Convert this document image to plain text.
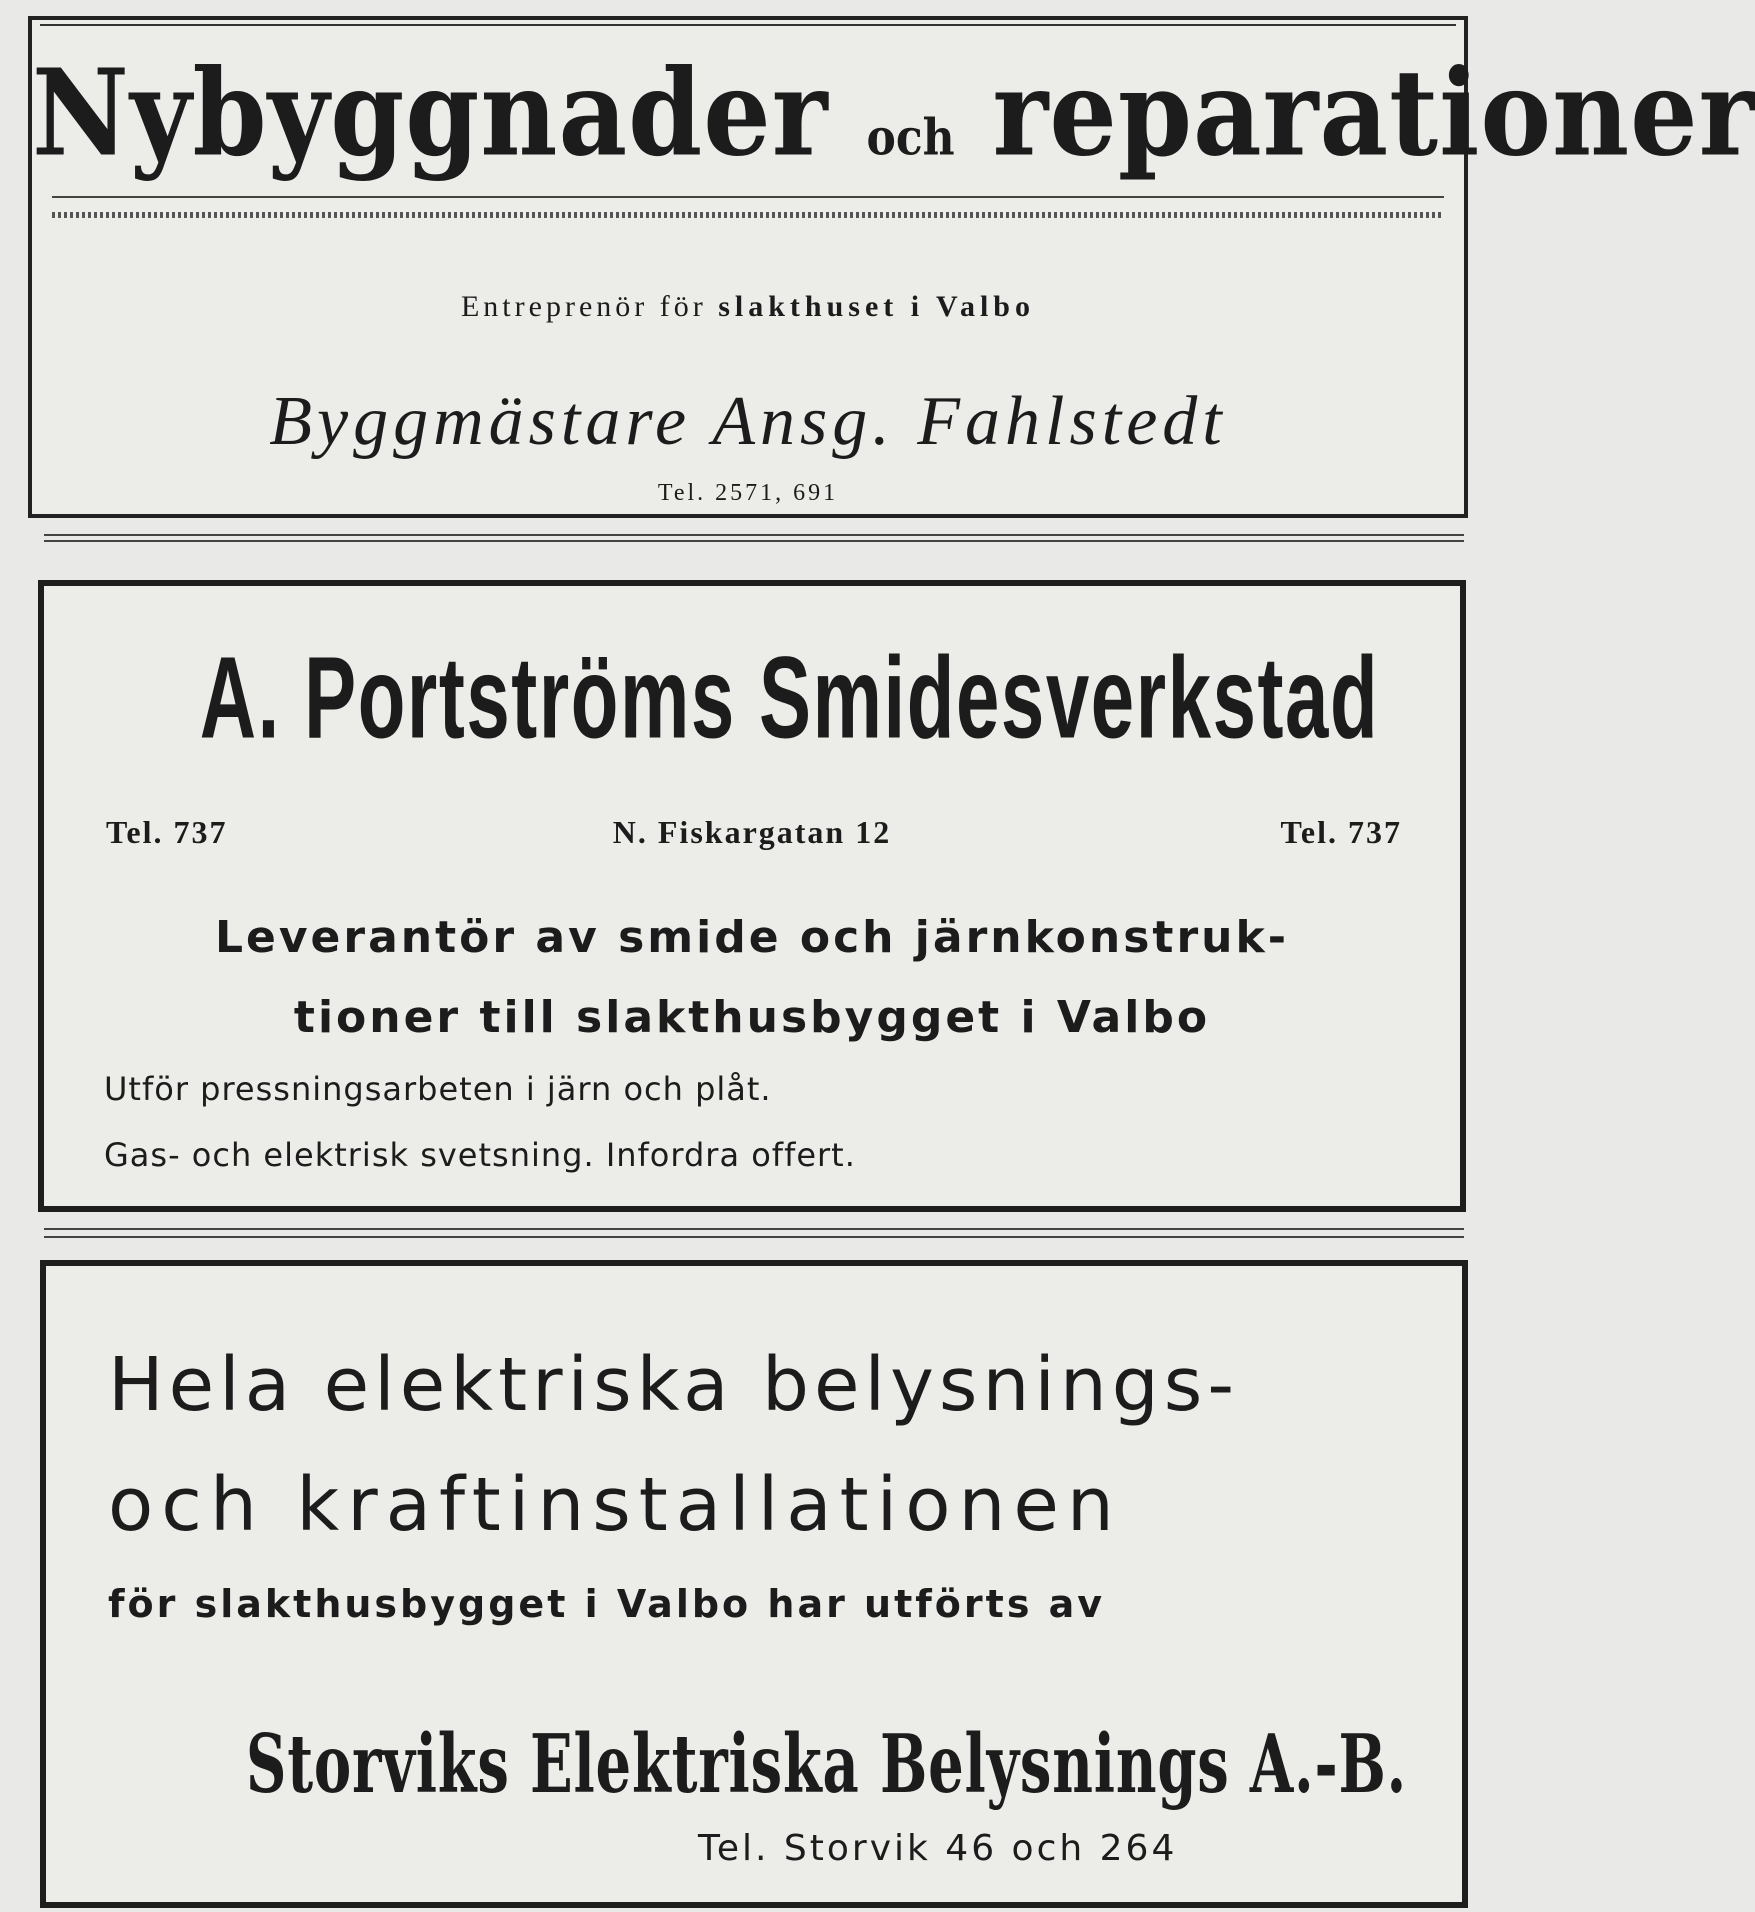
Nybyggnader och reparationer
Entreprenör för slakthuset i Valbo
Byggmästare Ansg. Fahlstedt
Tel. 2571, 691
A. Portströms Smidesverkstad
Tel. 737	N. Fiskargatan 12	Tel. 737
Leverantör av smide och järnkonstruk-
tioner till slakthusbygget i Valbo
Utför pressningsarbeten i järn och plåt.
Gas- och elektrisk svetsning. Infordra offert.
Hela elektriska belysnings-
och kraftinstallationen
för slakthusbygget i Valbo har utförts av
Storviks Elektriska Belysnings A.-B.
Tel. Storvik 46 och 264
